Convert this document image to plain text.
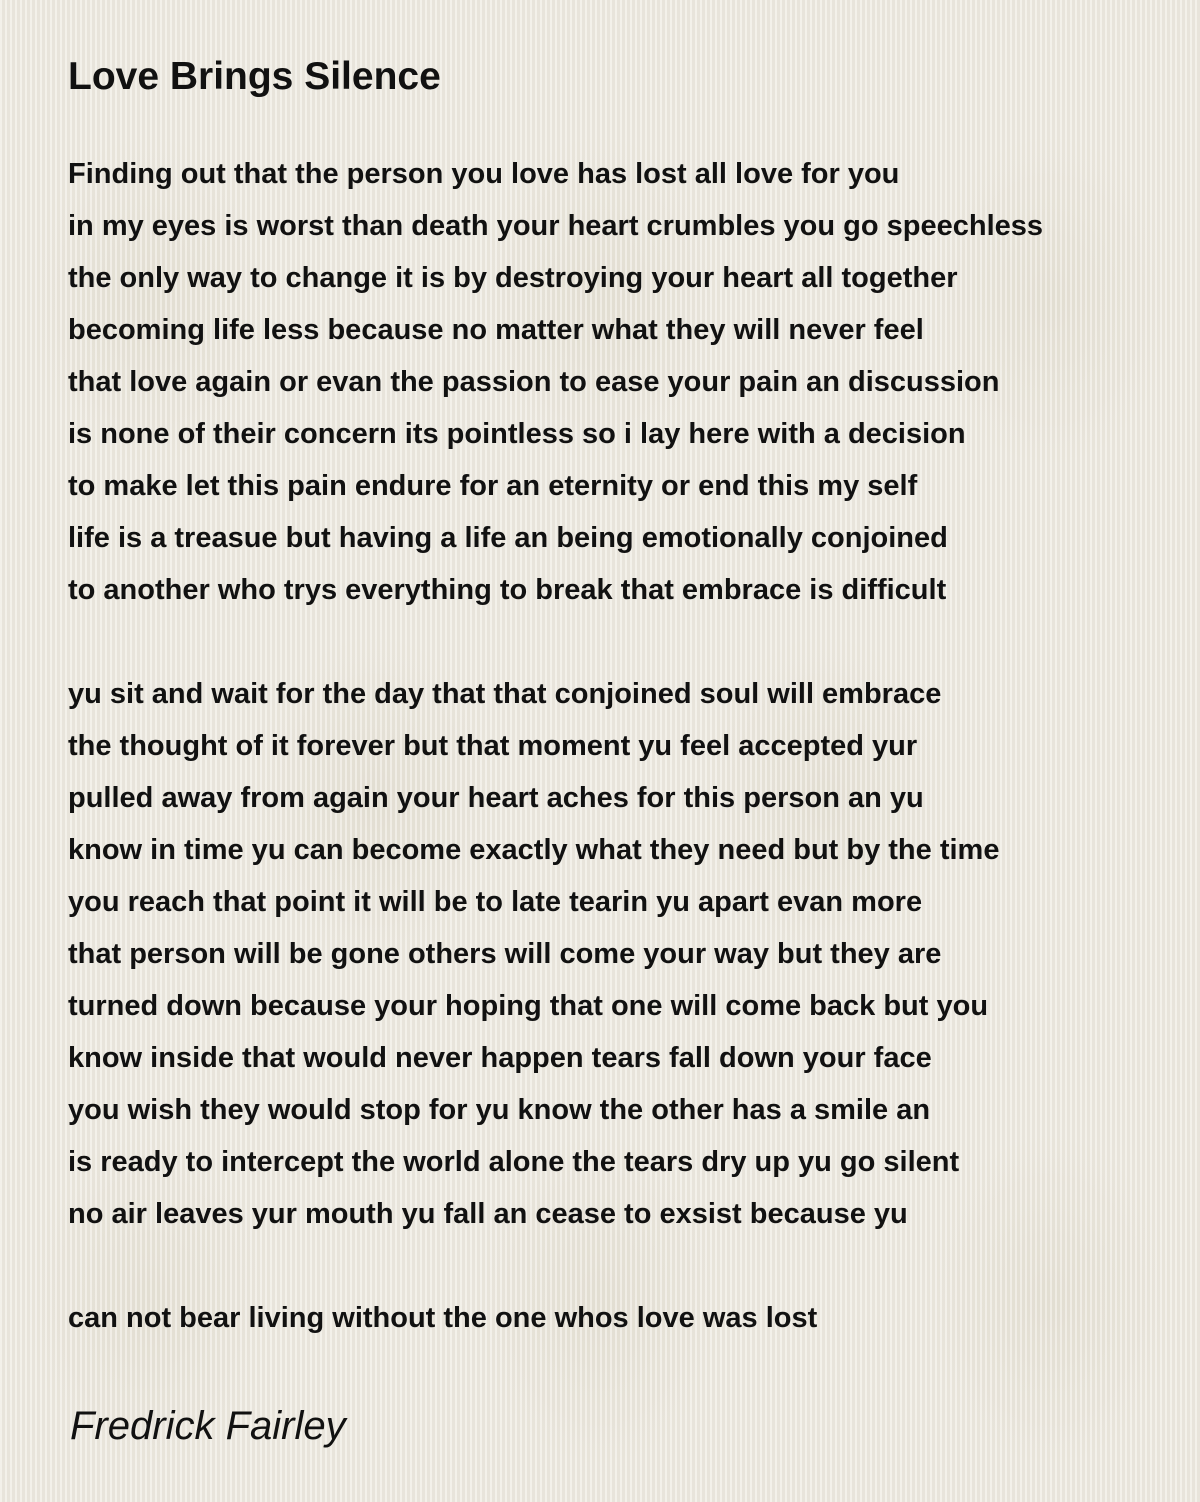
Love Brings Silence
Finding out that the person you love has lost all love for you
in my eyes is worst than death your heart crumbles you go speechless
the only way to change it is by destroying your heart all together
becoming life less because no matter what they will never feel
that love again or evan the passion to ease your pain an discussion
is none of their concern its pointless so i lay here with a decision
to make let this pain endure for an eternity or end this my self
life is a treasue but having a life an being emotionally conjoined
to another who trys everything to break that embrace is difficult
yu sit and wait for the day that that conjoined soul will embrace
the thought of it forever but that moment yu feel accepted yur
pulled away from again your heart aches for this person an yu
know in time yu can become exactly what they need but by the time
you reach that point it will be to late tearin yu apart evan more
that person will be gone others will come your way but they are
turned down because your hoping that one will come back but you
know inside that would never happen tears fall down your face
you wish they would stop for yu know the other has a smile an
is ready to intercept the world alone the tears dry up yu go silent
no air leaves yur mouth yu fall an cease to exsist because yu
can not bear living without the one whos love was lost

Fredrick Fairley
